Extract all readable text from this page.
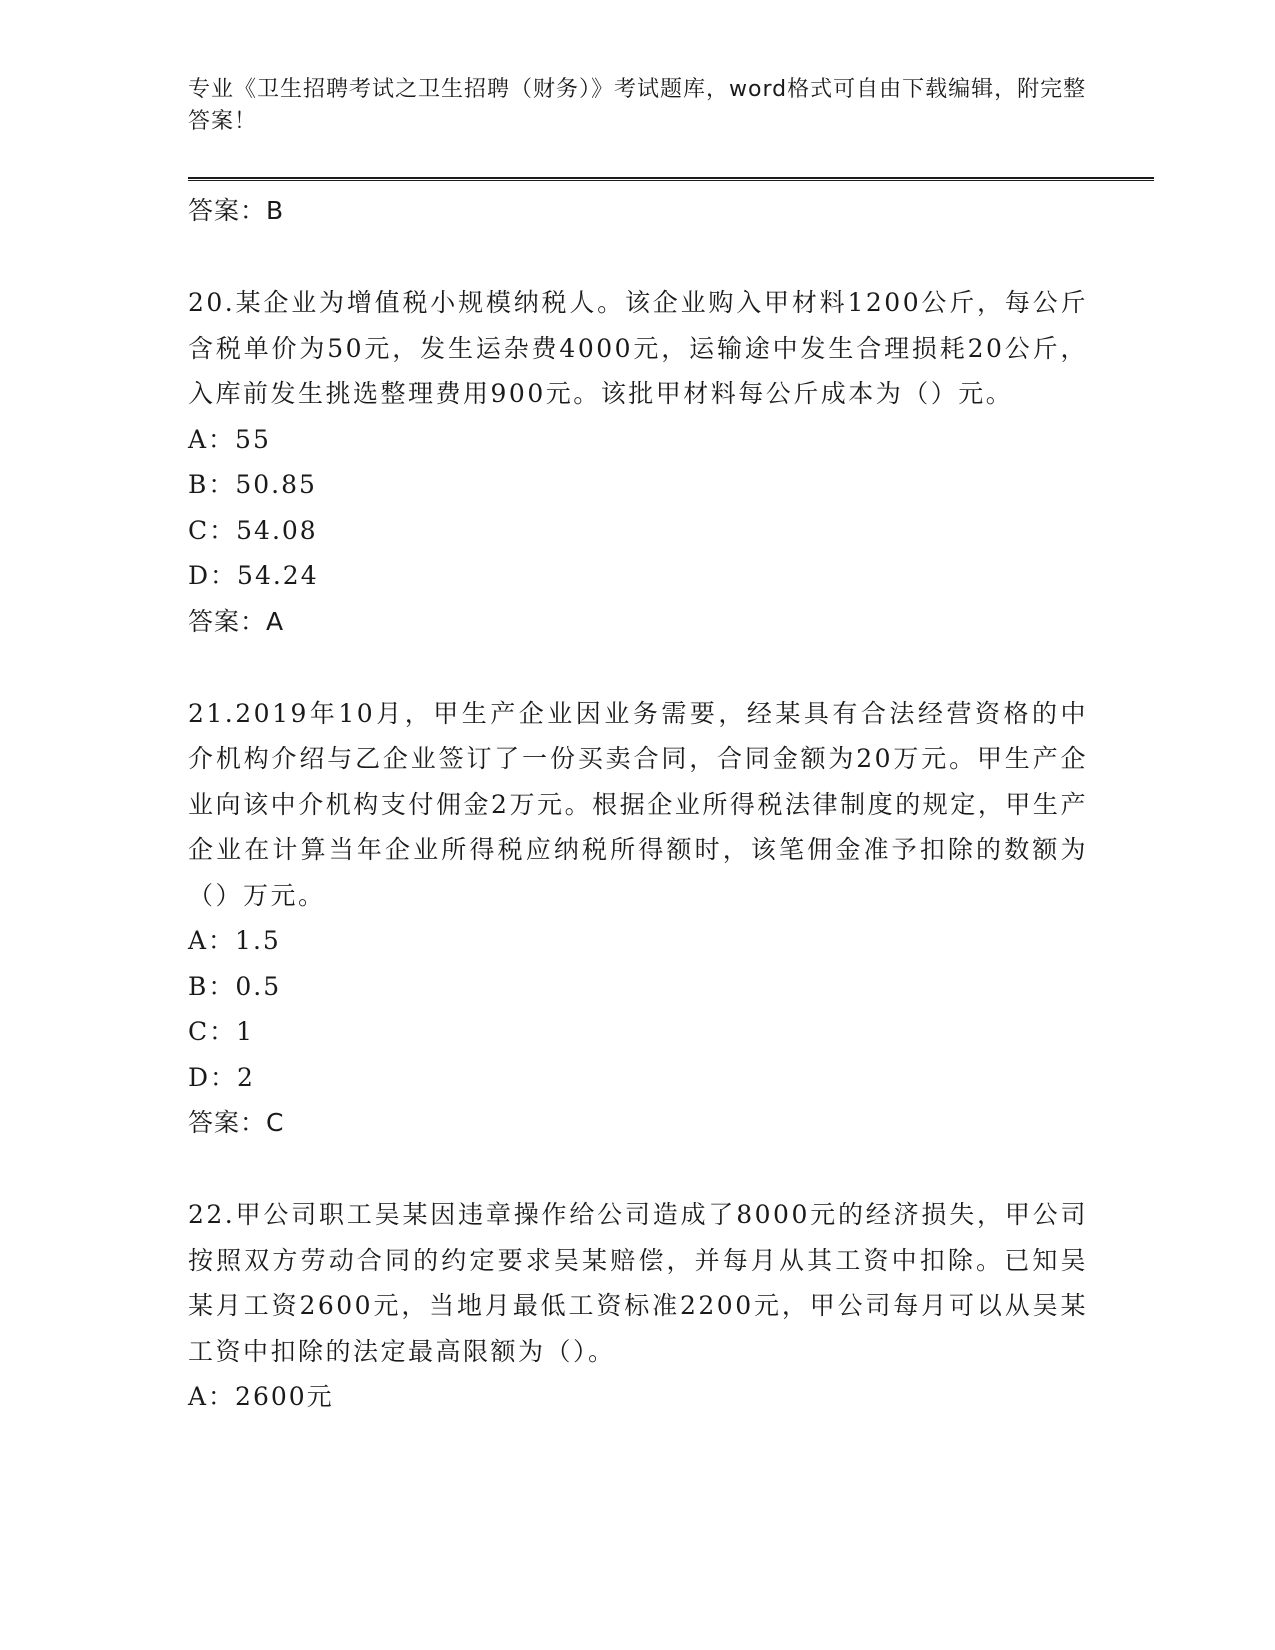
专业《卫生招聘考试之卫生招聘（财务）》考试题库，word格式可自由下载编辑，附完整答案！

答案：B

20.某企业为增值税小规模纳税人。该企业购入甲材料1200公斤，每公斤含税单价为50元，发生运杂费4000元，运输途中发生合理损耗20公斤，入库前发生挑选整理费用900元。该批甲材料每公斤成本为（）元。

A：55

B：50.85

C：54.08

D：54.24

答案：A

21.2019年10月，甲生产企业因业务需要，经某具有合法经营资格的中介机构介绍与乙企业签订了一份买卖合同，合同金额为20万元。甲生产企业向该中介机构支付佣金2万元。根据企业所得税法律制度的规定，甲生产企业在计算当年企业所得税应纳税所得额时，该笔佣金准予扣除的数额为（）万元。

A：1.5

B：0.5

C：1

D：2

答案：C

22.甲公司职工吴某因违章操作给公司造成了8000元的经济损失，甲公司按照双方劳动合同的约定要求吴某赔偿，并每月从其工资中扣除。已知吴某月工资2600元，当地月最低工资标准2200元，甲公司每月可以从吴某工资中扣除的法定最高限额为（）。

A：2600元
